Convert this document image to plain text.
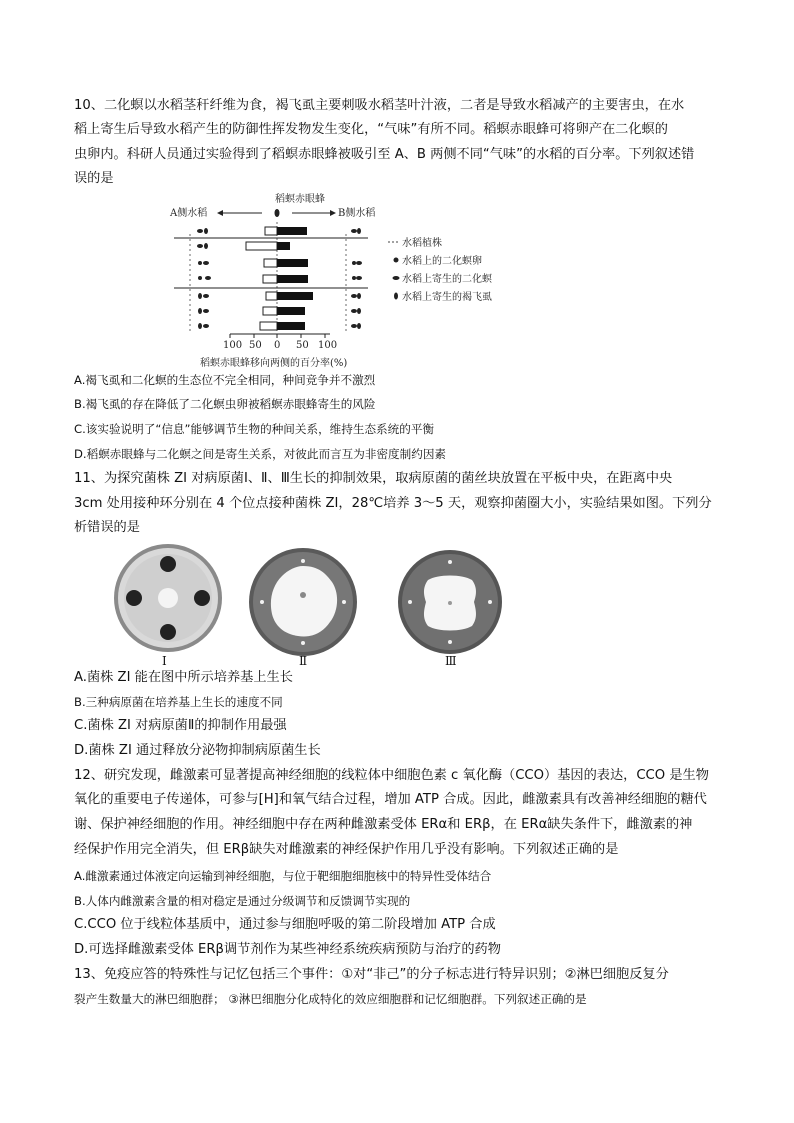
10、二化螟以水稻茎秆纤维为食，褐飞虱主要刺吸水稻茎叶汁液，二者是导致水稻减产的主要害虫，在水
稻上寄生后导致水稻产生的防御性挥发物发生变化，“气味”有所不同。稻螟赤眼蜂可将卵产在二化螟的
虫卵内。科研人员通过实验得到了稻螟赤眼蜂被吸引至 A、B 两侧不同“气味”的水稻的百分率。下列叙述错
误的是
稻螟赤眼蜂
A侧水稻	B侧水稻
100 50 0 50 100
稻螟赤眼蜂移向两侧的百分率(%)
水稻植株
水稻上的二化螟卵
水稻上寄生的二化螟
水稻上寄生的褐飞虱
A.褐飞虱和二化螟的生态位不完全相同，种间竞争并不激烈
B.褐飞虱的存在降低了二化螟虫卵被稻螟赤眼蜂寄生的风险
C.该实验说明了“信息”能够调节生物的种间关系，维持生态系统的平衡
D.稻螟赤眼蜂与二化螟之间是寄生关系，对彼此而言互为非密度制约因素
11、为探究菌株 ZI 对病原菌Ⅰ、Ⅱ、Ⅲ生长的抑制效果，取病原菌的菌丝块放置在平板中央，在距离中央
3cm 处用接种环分别在 4 个位点接种菌株 ZI，28℃培养 3～5 天，观察抑菌圈大小，实验结果如图。下列分
析错误的是
Ⅰ	Ⅱ	Ⅲ
A.菌株 ZI 能在图中所示培养基上生长
B.三种病原菌在培养基上生长的速度不同
C.菌株 ZI 对病原菌Ⅱ的抑制作用最强
D.菌株 ZI 通过释放分泌物抑制病原菌生长
12、研究发现，雌激素可显著提高神经细胞的线粒体中细胞色素 c 氧化酶（CCO）基因的表达，CCO 是生物
氧化的重要电子传递体，可参与[H]和氧气结合过程，增加 ATP 合成。因此，雌激素具有改善神经细胞的糖代
谢、保护神经细胞的作用。神经细胞中存在两种雌激素受体 ERα和 ERβ，在 ERα缺失条件下，雌激素的神
经保护作用完全消失，但 ERβ缺失对雌激素的神经保护作用几乎没有影响。下列叙述正确的是
A.雌激素通过体液定向运输到神经细胞，与位于靶细胞细胞核中的特异性受体结合
B.人体内雌激素含量的相对稳定是通过分级调节和反馈调节实现的
C.CCO 位于线粒体基质中，通过参与细胞呼吸的第二阶段增加 ATP 合成
D.可选择雌激素受体 ERβ调节剂作为某些神经系统疾病预防与治疗的药物
13、免疫应答的特殊性与记忆包括三个事件：①对“非己”的分子标志进行特异识别；②淋巴细胞反复分
裂产生数量大的淋巴细胞群； ③淋巴细胞分化成特化的效应细胞群和记忆细胞群。下列叙述正确的是
